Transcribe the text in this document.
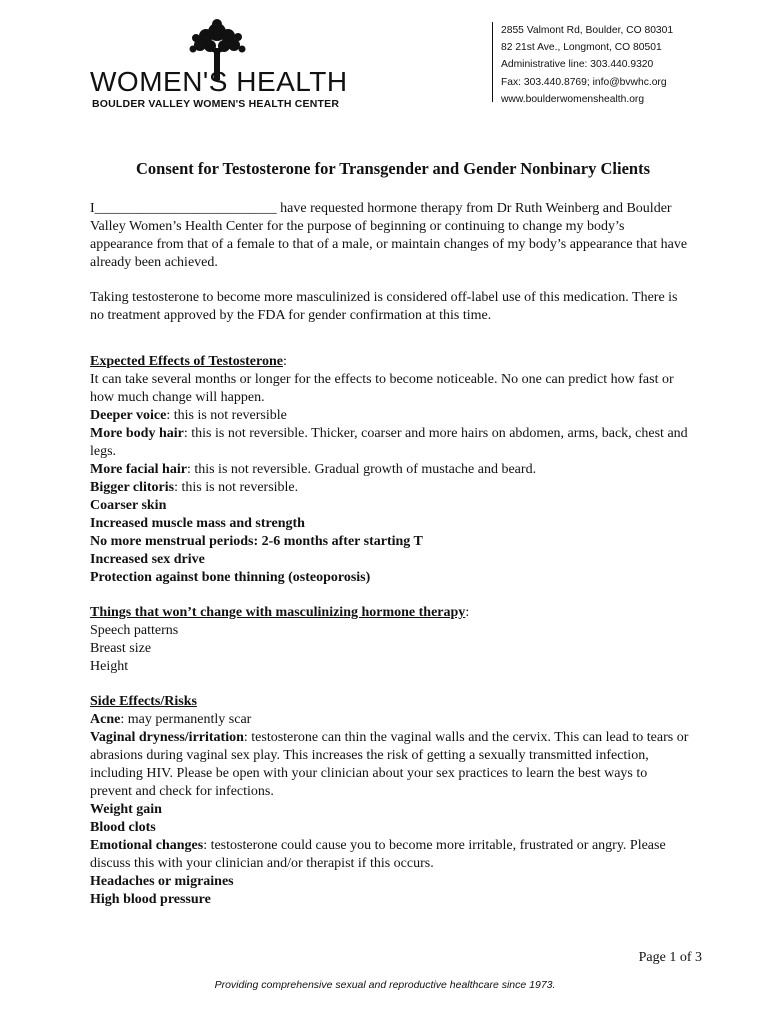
WOMEN'S HEALTH
BOULDER VALLEY WOMEN'S HEALTH CENTER
2855 Valmont Rd, Boulder, CO 80301
82 21st Ave., Longmont, CO 80501
Administrative line: 303.440.9320
Fax: 303.440.8769; info@bvwhc.org
www.boulderwomenshealth.org
Consent for Testosterone for Transgender and Gender Nonbinary Clients

I__________________________ have requested hormone therapy from Dr Ruth Weinberg and Boulder Valley Women’s Health Center for the purpose of beginning or continuing to change my body’s appearance from that of a female to that of a male, or maintain changes of my body’s appearance that have already been achieved.

Taking testosterone to become more masculinized is considered off-label use of this medication. There is no treatment approved by the FDA for gender confirmation at this time.

Expected Effects of Testosterone:
It can take several months or longer for the effects to become noticeable. No one can predict how fast or how much change will happen.
Deeper voice: this is not reversible
More body hair: this is not reversible. Thicker, coarser and more hairs on abdomen, arms, back, chest and legs.
More facial hair: this is not reversible. Gradual growth of mustache and beard.
Bigger clitoris: this is not reversible.
Coarser skin
Increased muscle mass and strength
No more menstrual periods: 2-6 months after starting T
Increased sex drive
Protection against bone thinning (osteoporosis)
Things that won’t change with masculinizing hormone therapy:
Speech patterns
Breast size
Height
Side Effects/Risks
Acne: may permanently scar
Vaginal dryness/irritation: testosterone can thin the vaginal walls and the cervix. This can lead to tears or abrasions during vaginal sex play. This increases the risk of getting a sexually transmitted infection, including HIV. Please be open with your clinician about your sex practices to learn the best ways to prevent and check for infections.
Weight gain
Blood clots
Emotional changes: testosterone could cause you to become more irritable, frustrated or angry. Please discuss this with your clinician and/or therapist if this occurs.
Headaches or migraines
High blood pressure
Page 1 of 3
Providing comprehensive sexual and reproductive healthcare since 1973.
